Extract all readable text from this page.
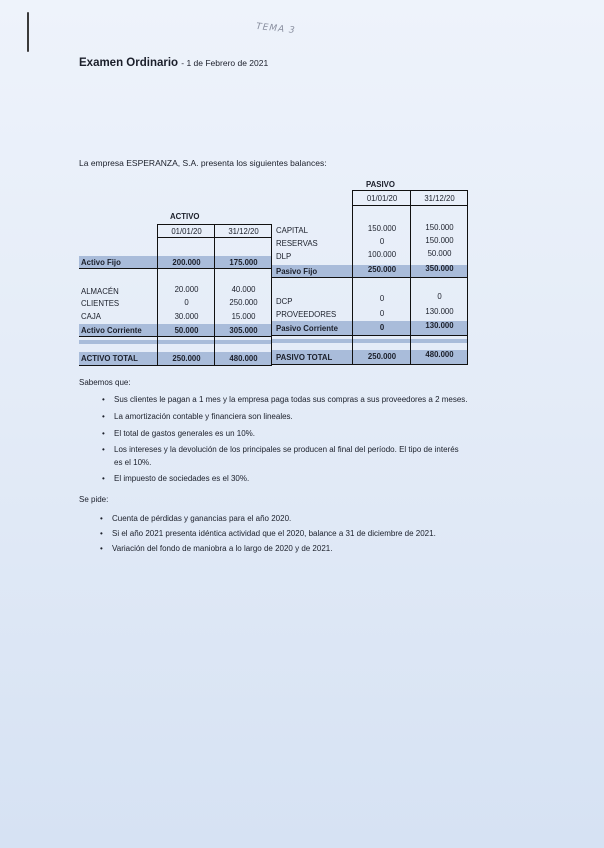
TEMA 3
Examen Ordinario - 1 de Febrero de 2021
La empresa ESPERANZA, S.A. presenta los siguientes balances:
ACTIVO
01/01/20	31/12/20
Activo Fijo	200.000	175.000
ALMACÉN	20.000	40.000
CLIENTES	0	250.000
CAJA	30.000	15.000
Activo Corriente	50.000	305.000
ACTIVO TOTAL	250.000	480.000
PASIVO
01/01/20	31/12/20
CAPITAL	150.000	150.000
RESERVAS	0	150.000
DLP	100.000	50.000
Pasivo Fijo	250.000	350.000
DCP	0	0
PROVEEDORES	0	130.000
Pasivo Corriente	0	130.000
PASIVO TOTAL	250.000	480.000
Sabemos que:
• Sus clientes le pagan a 1 mes y la empresa paga todas sus compras a sus proveedores a 2 meses.
• La amortización contable y financiera son lineales.
• El total de gastos generales es un 10%.
• Los intereses y la devolución de los principales se producen al final del período. El tipo de interés
es el 10%.
• El impuesto de sociedades es el 30%.
Se pide:
• Cuenta de pérdidas y ganancias para el año 2020.
• Si el año 2021 presenta idéntica actividad que el 2020, balance a 31 de diciembre de 2021.
• Variación del fondo de maniobra a lo largo de 2020 y de 2021.
